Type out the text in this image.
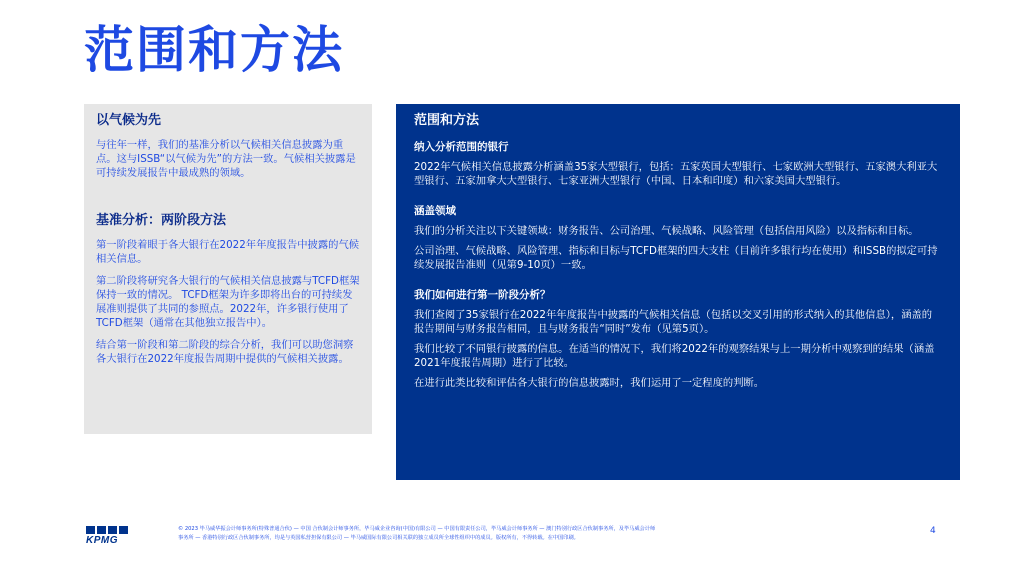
范围和方法
以气候为先

与往年一样，我们的基准分析以气候相关信息披露为重点。这与ISSB“以气候为先”的方法一致。气候相关披露是可持续发展报告中最成熟的领域。

基准分析：两阶段方法

第一阶段着眼于各大银行在2022年年度报告中披露的气候相关信息。

第二阶段将研究各大银行的气候相关信息披露与TCFD框架保持一致的情况。 TCFD框架为许多即将出台的可持续发展准则提供了共同的参照点。2022年，许多银行使用了TCFD框架（通常在其他独立报告中）。

结合第一阶段和第二阶段的综合分析，我们可以助您洞察各大银行在2022年度报告周期中提供的气候相关披露。

范围和方法
纳入分析范围的银行

2022年气候相关信息披露分析涵盖35家大型银行，包括：五家英国大型银行、七家欧洲大型银行、五家澳大利亚大型银行、五家加拿大大型银行、七家亚洲大型银行（中国、日本和印度）和六家美国大型银行。

涵盖领域

我们的分析关注以下关键领域：财务报告、公司治理、气候战略、风险管理（包括信用风险）以及指标和目标。

公司治理、气候战略、风险管理、指标和目标与TCFD框架的四大支柱（目前许多银行均在使用）和ISSB的拟定可持续发展报告准则（见第9-10页）一致。

我们如何进行第一阶段分析？

我们查阅了35家银行在2022年年度报告中披露的气候相关信息（包括以交叉引用的形式纳入的其他信息），涵盖的报告期间与财务报告相同，且与财务报告“同时”发布（见第5页）。

我们比较了不同银行披露的信息。在适当的情况下，我们将2022年的观察结果与上一期分析中观察到的结果（涵盖2021年度报告周期）进行了比较。

在进行此类比较和评估各大银行的信息披露时，我们运用了一定程度的判断。

KPMG
© 2023 毕马威华振会计师事务所(特殊普通合伙) — 中国 合伙制会计师事务所，毕马威企业咨询(中国)有限公司 — 中国有限责任公司，毕马威会计师事务所 — 澳门特别行政区合伙制事务所，及毕马威会计师
事务所 — 香港特别行政区合伙制事务所，均是与英国私营担保有限公司 — 毕马威国际有限公司相关联的独立成员所全球性组织中的成员。版权所有，不得转载。在中国印刷。
4
